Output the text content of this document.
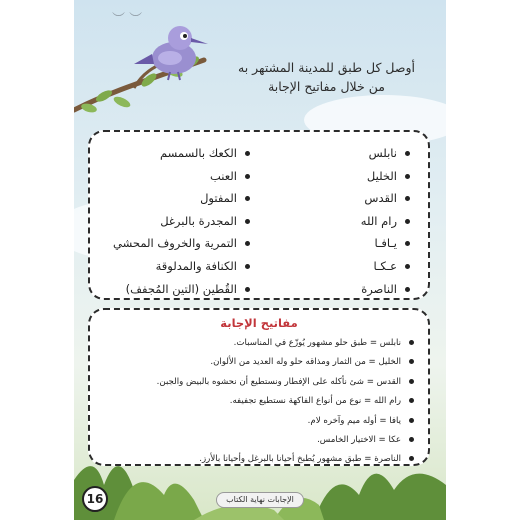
︶ ︶
أوصل كل طبق للمدينة المشتهر به
من خلال مفاتيح الإجابة
نابلس
الخليل
القدس
رام الله
يـافـا
عـكـا
الناصرة
الكعك بالسمسم
العنب
المفتول
المجدرة بالبرغل
التمرية والخروف المحشي
الكنافة والمدلوقة
القُطين (التين المُجفف)
مفاتيح الإجابة
نابلس = طبق حلو مشهور يُوزّع في المناسبات.
الخليل = من الثمار ومذاقه حلو وله العديد من الألوان.
القدس = شئ نأكله على الإفطار ونستطيع أن نحشوه بالبيض والجبن.
رام الله = نوع من أنواع الفاكهة نستطيع تجفيفه.
يافا = أوله ميم وآخره لام.
عكا = الاختيار الخامس.
الناصرة = طبق مشهور يُطبخ أحيانا بالبرغل وأحيانا بالأرز.
16	الإجابات نهاية الكتاب
